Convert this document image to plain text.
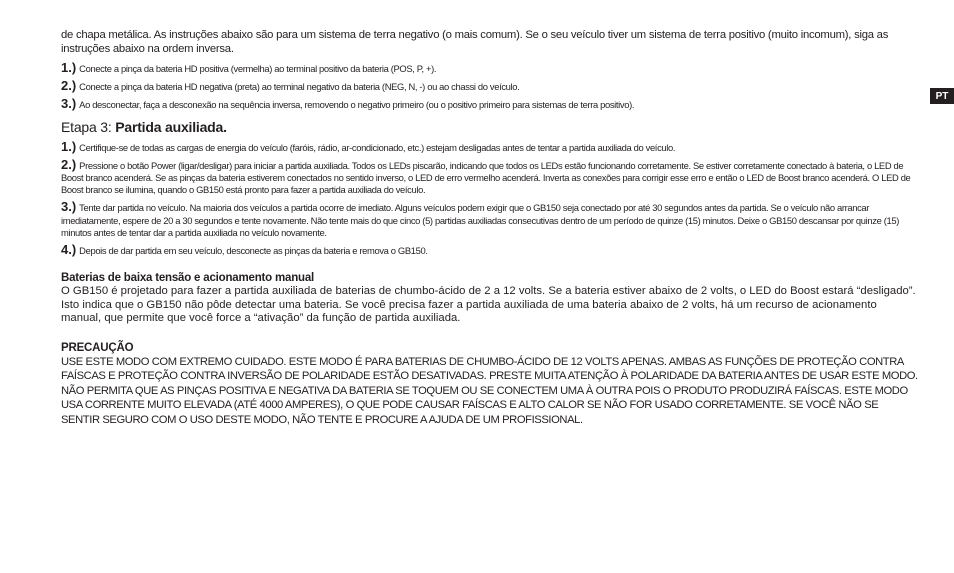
PT

de chapa metálica. As instruções abaixo são para um sistema de terra negativo (o mais comum). Se o seu veículo tiver um sistema de terra positivo (muito incomum), siga as instruções abaixo na ordem inversa.

1.) Conecte a pinça da bateria HD positiva (vermelha) ao terminal positivo da bateria (POS, P, +).

2.) Conecte a pinça da bateria HD negativa (preta) ao terminal negativo da bateria (NEG, N, -) ou ao chassi do veículo.

3.) Ao desconectar, faça a desconexão na sequência inversa, removendo o negativo primeiro (ou o positivo primeiro para sistemas de terra positivo).

Etapa 3: Partida auxiliada.

1.) Certifique-se de todas as cargas de energia do veículo (faróis, rádio, ar-condicionado, etc.) estejam desligadas antes de tentar a partida auxiliada do veículo.

2.) Pressione o botão Power (ligar/desligar) para iniciar a partida auxiliada. Todos os LEDs piscarão, indicando que todos os LEDs estão funcionando corretamente. Se estiver corretamente conectado à bateria, o LED de Boost branco acenderá. Se as pinças da bateria estiverem conectados no sentido inverso, o LED de erro vermelho acenderá. Inverta as conexões para corrigir esse erro e então o LED de Boost branco acenderá. O LED de Boost branco se ilumina, quando o GB150 está pronto para fazer a partida auxiliada do veículo.

3.) Tente dar partida no veículo. Na maioria dos veículos a partida ocorre de imediato. Alguns veículos podem exigir que o GB150 seja conectado por até 30 segundos antes da partida. Se o veículo não arrancar imediatamente, espere de 20 a 30 segundos e tente novamente. Não tente mais do que cinco (5) partidas auxiliadas consecutivas dentro de um período de quinze (15) minutos. Deixe o GB150 descansar por quinze (15) minutos antes de tentar dar a partida auxiliada no veículo novamente.

4.) Depois de dar partida em seu veículo, desconecte as pinças da bateria e remova o GB150.

Baterias de baixa tensão e acionamento manual

O GB150 é projetado para fazer a partida auxiliada de baterias de chumbo-ácido de 2 a 12 volts. Se a bateria estiver abaixo de 2 volts, o LED do Boost estará “desligado”. Isto indica que o GB150 não pôde detectar uma bateria. Se você precisa fazer a partida auxiliada de uma bateria abaixo de 2 volts, há um recurso de acionamento manual, que permite que você force a “ativação” da função de partida auxiliada.

PRECAUÇÃO

USE ESTE MODO COM EXTREMO CUIDADO. ESTE MODO É PARA BATERIAS DE CHUMBO-ÁCIDO DE 12 VOLTS APENAS. AMBAS AS FUNÇÕES DE PROTEÇÃO CONTRA FAÍSCAS E PROTEÇÃO CONTRA INVERSÃO DE POLARIDADE ESTÃO DESATIVADAS. PRESTE MUITA ATENÇÃO À POLARIDADE DA BATERIA ANTES DE USAR ESTE MODO.

NÃO PERMITA QUE AS PINÇAS POSITIVA E NEGATIVA DA BATERIA SE TOQUEM OU SE CONECTEM UMA À OUTRA POIS O PRODUTO PRODUZIRÁ FAÍSCAS. ESTE MODO USA CORRENTE MUITO ELEVADA (ATÉ 4000 AMPERES), O QUE PODE CAUSAR FAÍSCAS E ALTO CALOR SE NÃO FOR USADO CORRETAMENTE. SE VOCÊ NÃO SE SENTIR SEGURO COM O USO DESTE MODO, NÃO TENTE E PROCURE A AJUDA DE UM PROFISSIONAL.
